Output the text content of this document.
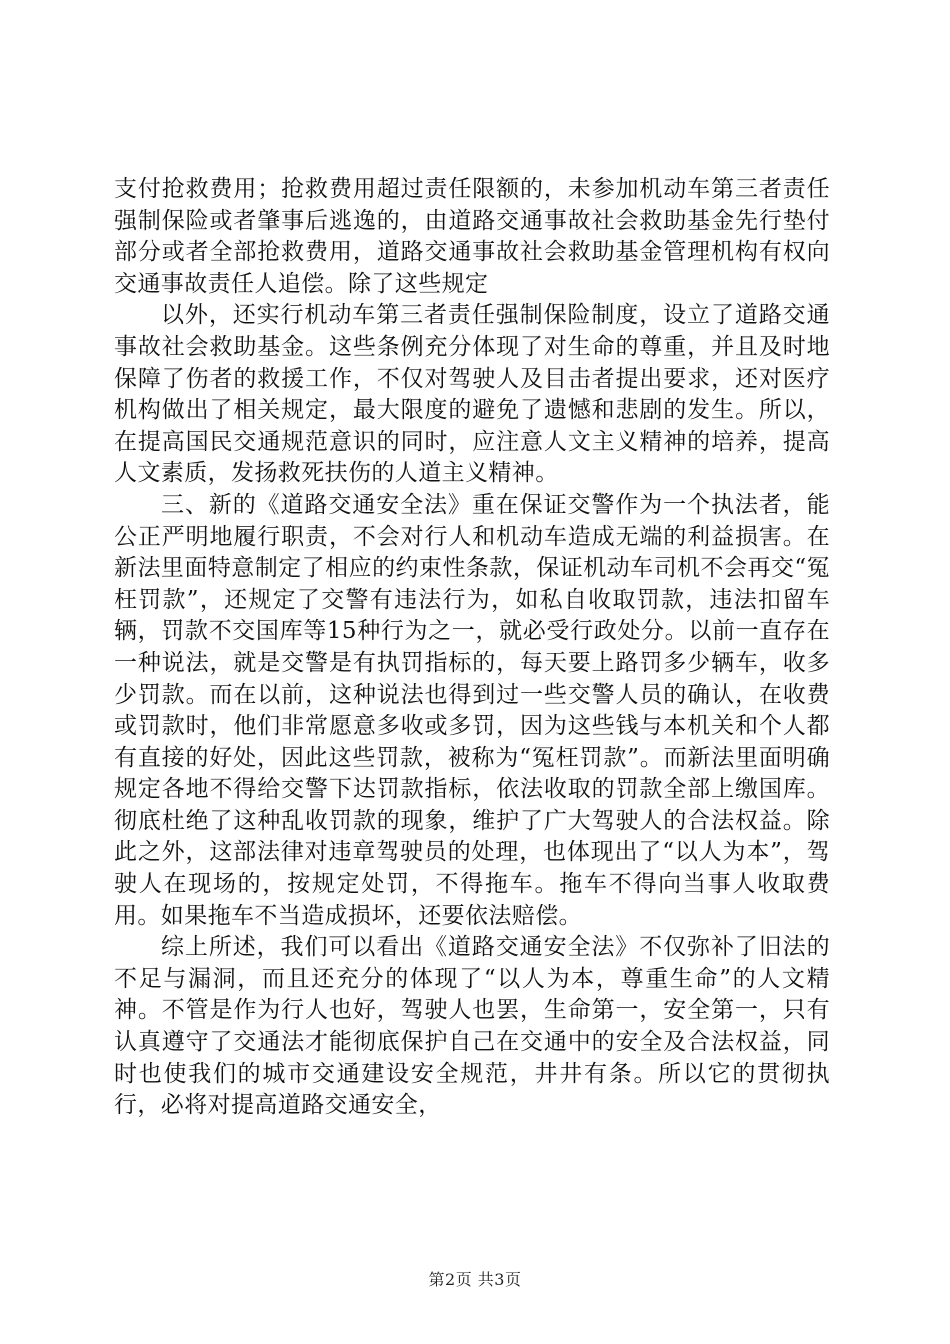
支付抢救费用；抢救费用超过责任限额的，未参加机动车第三者责任强制保险或者肇事后逃逸的，由道路交通事故社会救助基金先行垫付部分或者全部抢救费用，道路交通事故社会救助基金管理机构有权向交通事故责任人追偿。除了这些规定

以外，还实行机动车第三者责任强制保险制度，设立了道路交通事故社会救助基金。这些条例充分体现了对生命的尊重，并且及时地保障了伤者的救援工作，不仅对驾驶人及目击者提出要求，还对医疗机构做出了相关规定，最大限度的避免了遗憾和悲剧的发生。所以，在提高国民交通规范意识的同时，应注意人文主义精神的培养，提高人文素质，发扬救死扶伤的人道主义精神。

三、新的《道路交通安全法》重在保证交警作为一个执法者，能公正严明地履行职责，不会对行人和机动车造成无端的利益损害。在新法里面特意制定了相应的约束性条款，保证机动车司机不会再交“冤枉罚款”，还规定了交警有违法行为，如私自收取罚款，违法扣留车辆，罚款不交国库等15种行为之一，就必受行政处分。以前一直存在一种说法，就是交警是有执罚指标的，每天要上路罚多少辆车，收多少罚款。而在以前，这种说法也得到过一些交警人员的确认，在收费或罚款时，他们非常愿意多收或多罚，因为这些钱与本机关和个人都有直接的好处，因此这些罚款，被称为“冤枉罚款”。而新法里面明确规定各地不得给交警下达罚款指标，依法收取的罚款全部上缴国库。彻底杜绝了这种乱收罚款的现象，维护了广大驾驶人的合法权益。除此之外，这部法律对违章驾驶员的处理，也体现出了“以人为本”，驾驶人在现场的，按规定处罚，不得拖车。拖车不得向当事人收取费用。如果拖车不当造成损坏，还要依法赔偿。

综上所述，我们可以看出《道路交通安全法》不仅弥补了旧法的不足与漏洞，而且还充分的体现了“以人为本，尊重生命”的人文精神。不管是作为行人也好，驾驶人也罢，生命第一，安全第一，只有认真遵守了交通法才能彻底保护自己在交通中的安全及合法权益，同时也使我们的城市交通建设安全规范，井井有条。所以它的贯彻执行，必将对提高道路交通安全，

第2页 共3页
